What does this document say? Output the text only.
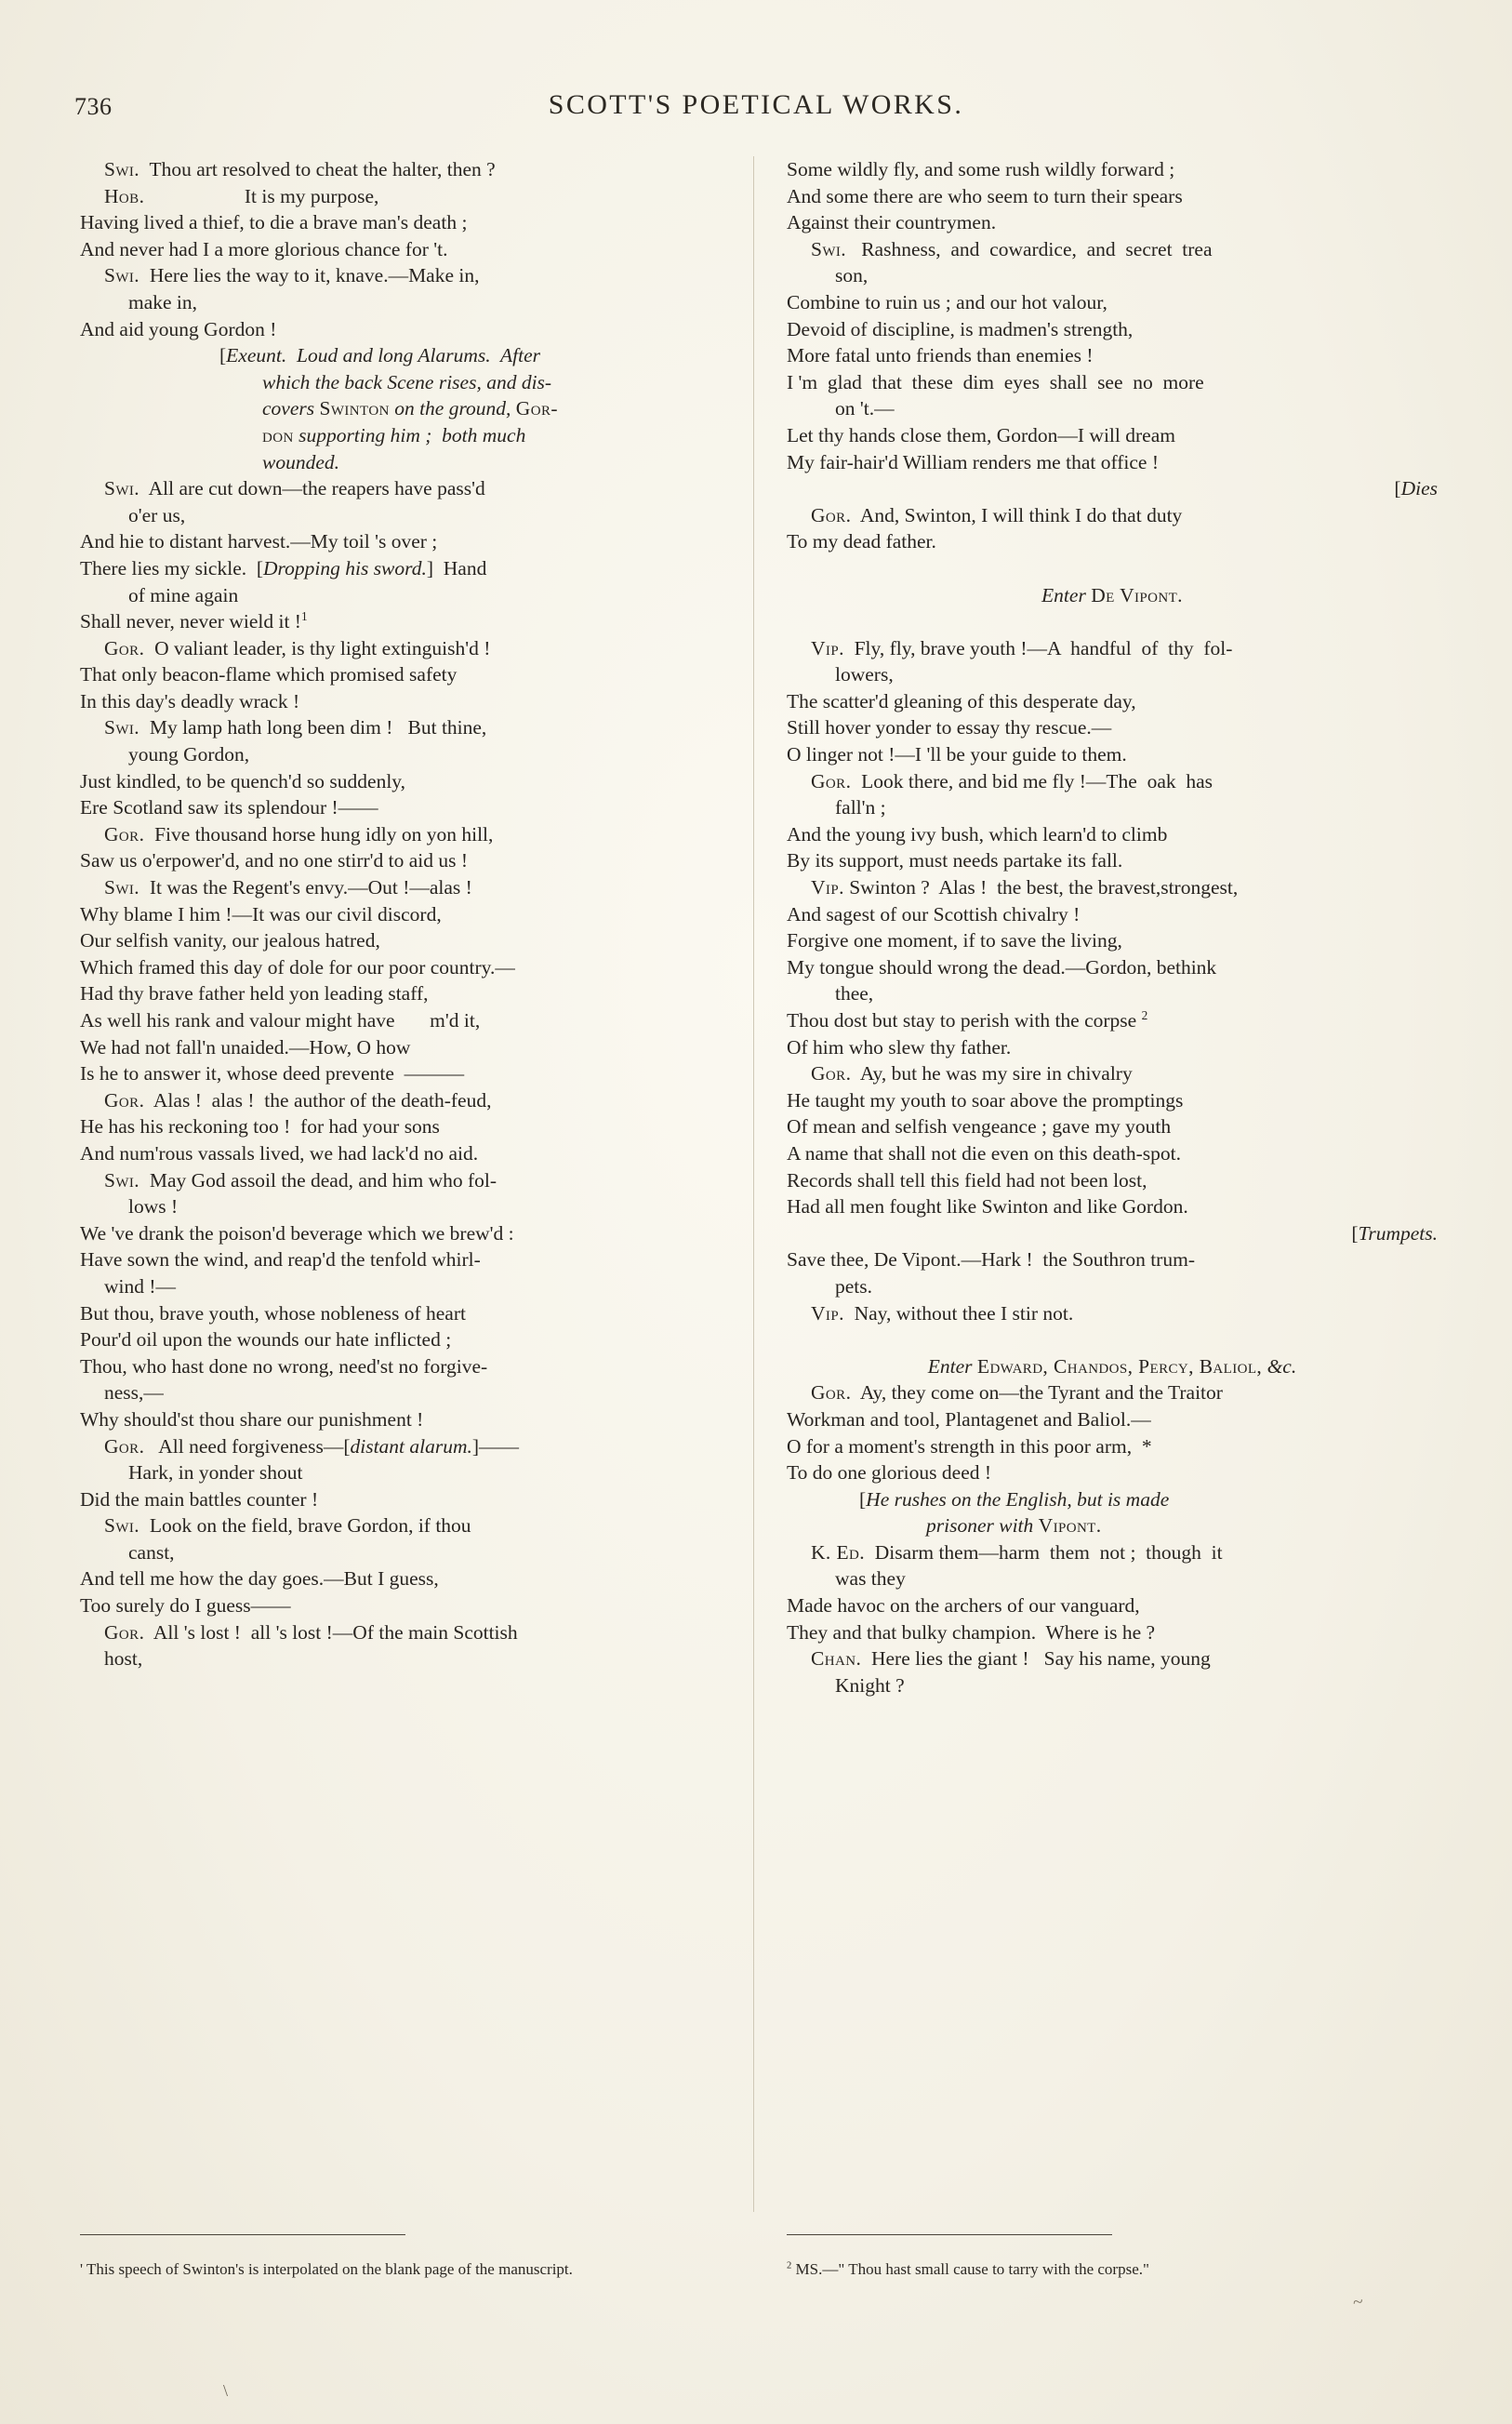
736	SCOTT'S POETICAL WORKS.
Swi.  Thou art resolved to cheat the halter, then ?
Hob.                    It is my purpose,
Having lived a thief, to die a brave man's death ;
And never had I a more glorious chance for 't.
Swi.  Here lies the way to it, knave.—Make in,
make in,
And aid young Gordon !
[Exeunt.  Loud and long Alarums.  After
which the back Scene rises, and dis-
covers Swinton on the ground, Gor-
don supporting him ;  both much
wounded.
Swi.  All are cut down—the reapers have pass'd
o'er us,
And hie to distant harvest.—My toil 's over ;
There lies my sickle.  [Dropping his sword.]  Hand
of mine again
Shall never, never wield it !$^1$
Gor.  O valiant leader, is thy light extinguish'd !
That only beacon-flame which promised safety
In this day's deadly wrack !
Swi.  My lamp hath long been dim !   But thine,
young Gordon,
Just kindled, to be quench'd so suddenly,
Ere Scotland saw its splendour !——
Gor.  Five thousand horse hung idly on yon hill,
Saw us o'erpower'd, and no one stirr'd to aid us !
Swi.  It was the Regent's envy.—Out !—alas !
Why blame I him !—It was our civil discord,
Our selfish vanity, our jealous hatred,
Which framed this day of dole for our poor country.—
Had thy brave father held yon leading staff,
As well his rank and valour might have       m'd it,
We had not fall'n unaided.—How, O how
Is he to answer it, whose deed prevente  ———
Gor.  Alas !  alas !  the author of the death-feud,
He has his reckoning too !  for had your sons
And num'rous vassals lived, we had lack'd no aid.
Swi.  May God assoil the dead, and him who fol-
lows !
We 've drank the poison'd beverage which we brew'd :
Have sown the wind, and reap'd the tenfold whirl-
wind !—
But thou, brave youth, whose nobleness of heart
Pour'd oil upon the wounds our hate inflicted ;
Thou, who hast done no wrong, need'st no forgive-
ness,—
Why should'st thou share our punishment !
Gor.   All need forgiveness—[distant alarum.]——
Hark, in yonder shout
Did the main battles counter !
Swi.  Look on the field, brave Gordon, if thou
canst,
And tell me how the day goes.—But I guess,
Too surely do I guess——
Gor.  All 's lost !  all 's lost !—Of the main Scottish
host,
Some wildly fly, and some rush wildly forward ;
And some there are who seem to turn their spears
Against their countrymen.
Swi.   Rashness,  and  cowardice,  and  secret  trea
son,
Combine to ruin us ; and our hot valour,
Devoid of discipline, is madmen's strength,
More fatal unto friends than enemies !
I 'm  glad  that  these  dim  eyes  shall  see  no  more
on 't.—
Let thy hands close them, Gordon—I will dream
My fair-hair'd William renders me that office !
[Dies
Gor.  And, Swinton, I will think I do that duty
To my dead father.

Enter De Vipont.

Vip.  Fly, fly, brave youth !—A  handful  of  thy  fol-
lowers,
The scatter'd gleaning of this desperate day,
Still hover yonder to essay thy rescue.—
O linger not !—I 'll be your guide to them.
Gor.  Look there, and bid me fly !—The  oak  has
fall'n ;
And the young ivy bush, which learn'd to climb
By its support, must needs partake its fall.
Vip. Swinton ?  Alas !  the best, the bravest,strongest,
And sagest of our Scottish chivalry !
Forgive one moment, if to save the living,
My tongue should wrong the dead.—Gordon, bethink
thee,
Thou dost but stay to perish with the corpse $^2$
Of him who slew thy father.
Gor.  Ay, but he was my sire in chivalry
He taught my youth to soar above the promptings
Of mean and selfish vengeance ; gave my youth
A name that shall not die even on this death-spot.
Records shall tell this field had not been lost,
Had all men fought like Swinton and like Gordon.
[Trumpets.
Save thee, De Vipont.—Hark !  the Southron trum-
pets.
Vip.  Nay, without thee I stir not.

Enter Edward, Chandos, Percy, Baliol, &c.
Gor.  Ay, they come on—the Tyrant and the Traitor
Workman and tool, Plantagenet and Baliol.—
O for a moment's strength in this poor arm,  *
To do one glorious deed !
[He rushes on the English, but is made
prisoner with Vipont.
K. Ed.  Disarm them—harm  them  not ;  though  it
was they
Made havoc on the archers of our vanguard,
They and that bulky champion.  Where is he ?
Chan.  Here lies the giant !   Say his name, young
Knight ?
' This speech of Swinton's is interpolated on the blank page of the manuscript.	$^2$ MS.—" Thou hast small cause to tarry with the corpse."
\
~
